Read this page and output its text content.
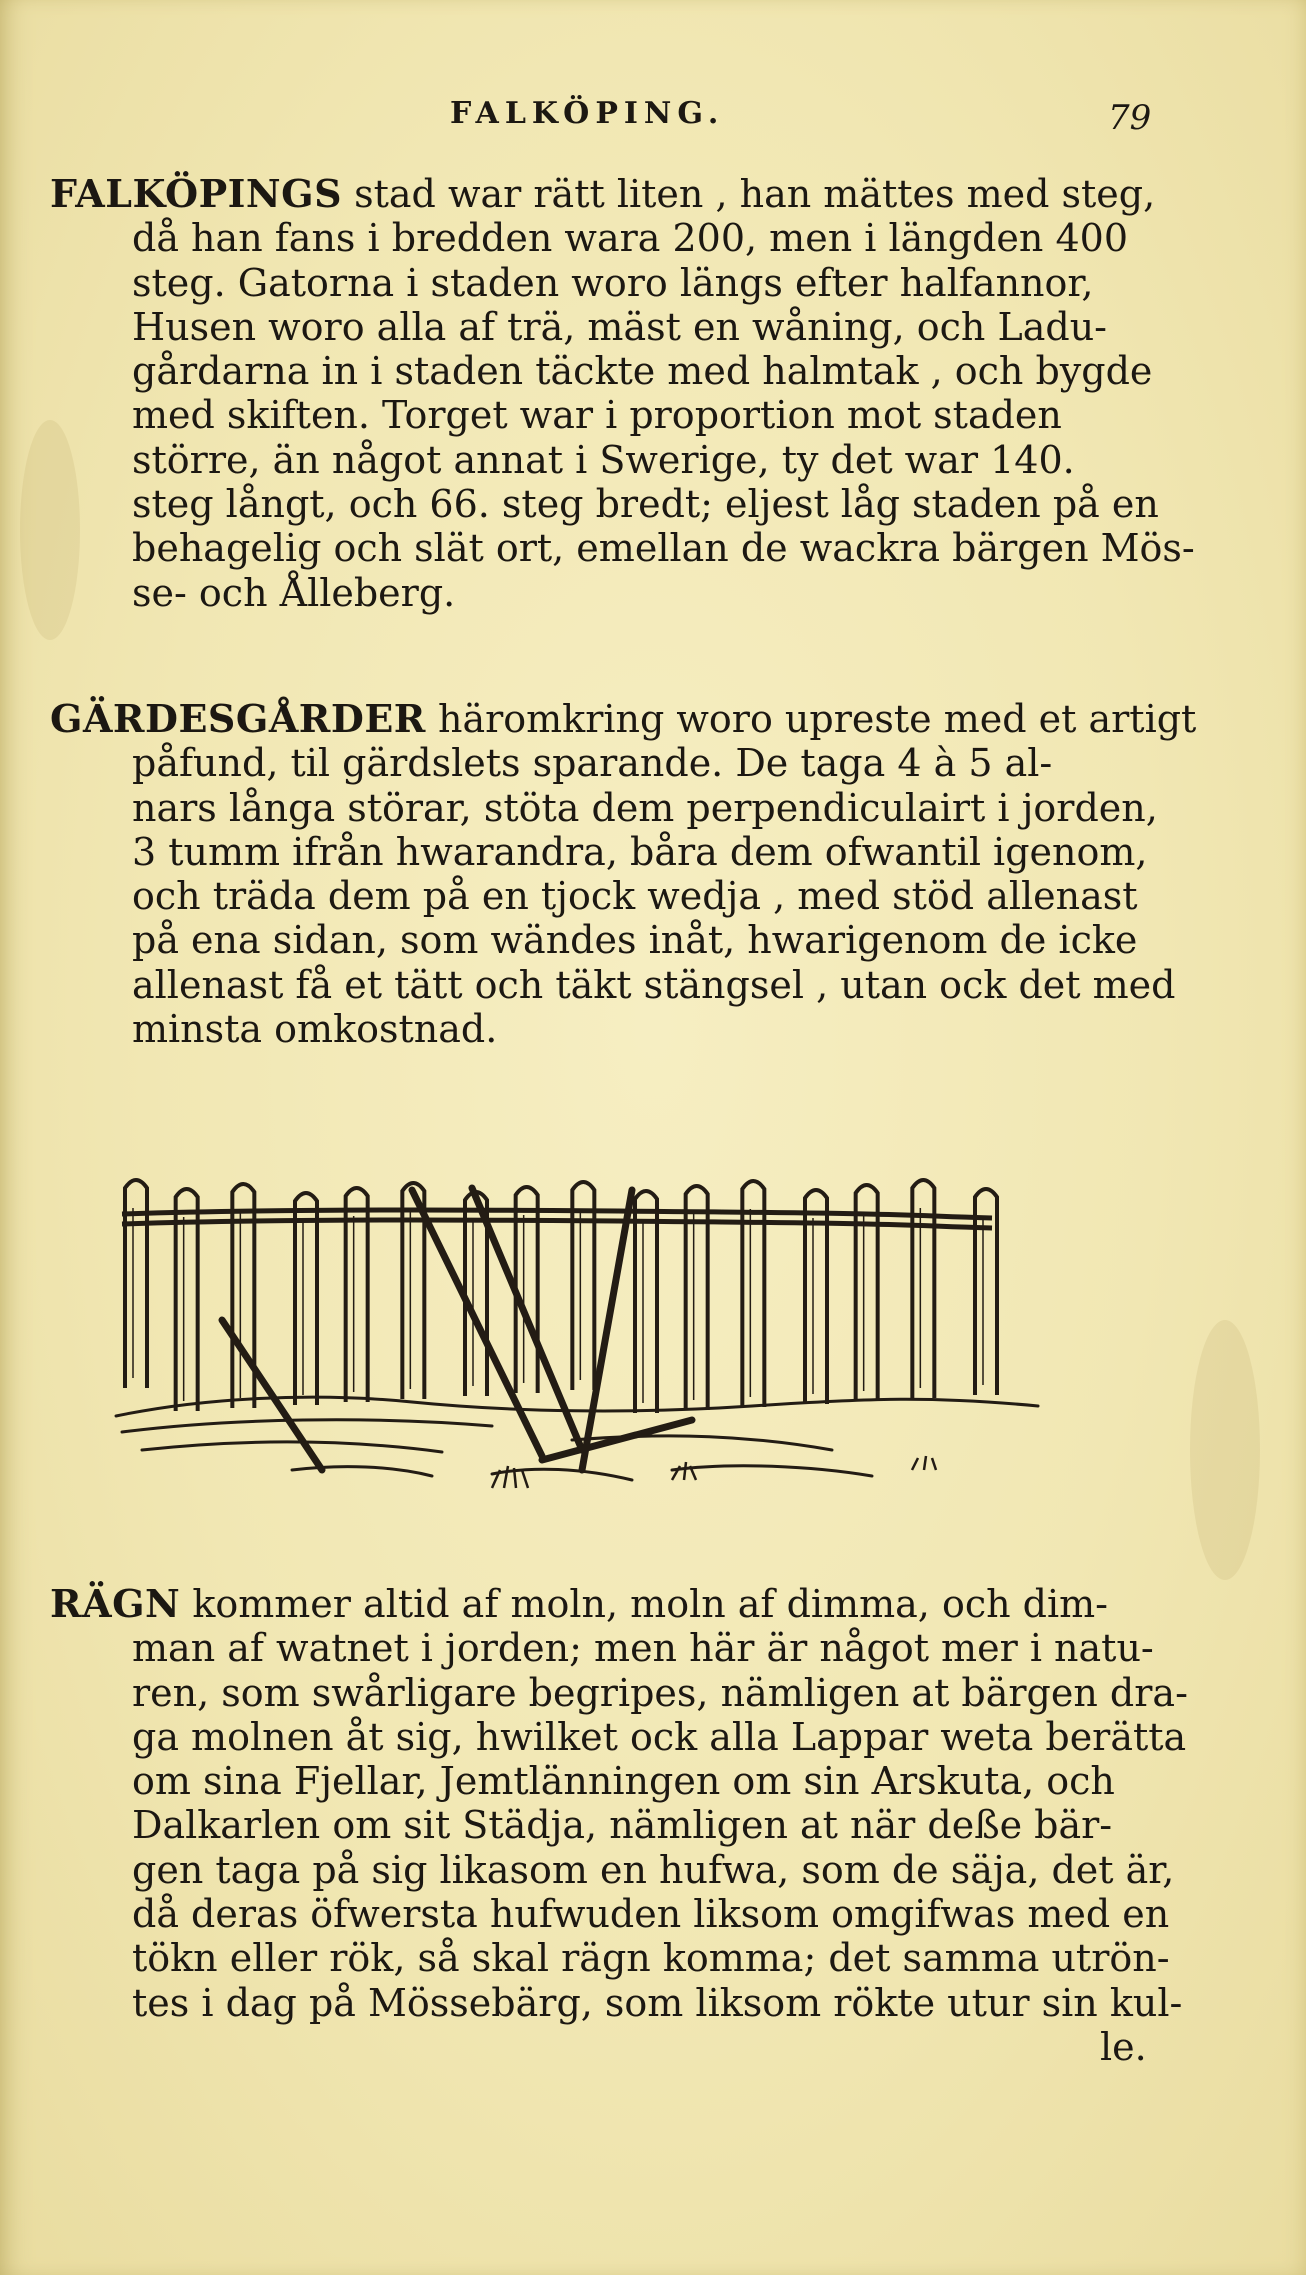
FALKÖPING.	79
FALKÖPINGS stad war rätt liten , han mättes med steg,
då han fans i bredden wara 200, men i längden 400
steg. Gatorna i staden woro längs efter halfannor,
Husen woro alla af trä, mäst en wåning, och Ladu-
gårdarna in i staden täckte med halmtak , och bygde
med skiften. Torget war i proportion mot staden
större, än något annat i Swerige, ty det war 140.
steg långt, och 66. steg bredt; eljest låg staden på en
behagelig och slät ort, emellan de wackra bärgen Mös-
se- och Ålleberg.
GÄRDESGÅRDER häromkring woro upreste med et artigt
påfund, til gärdslets sparande. De taga 4 à 5 al-
nars långa störar, stöta dem perpendiculairt i jorden,
3 tumm ifrån hwarandra, båra dem ofwantil igenom,
och träda dem på en tjock wedja , med stöd allenast
på ena sidan, som wändes inåt, hwarigenom de icke
allenast få et tätt och täkt stängsel , utan ock det med
minsta omkostnad.
RÄGN kommer altid af moln, moln af dimma, och dim-
man af watnet i jorden; men här är något mer i natu-
ren, som swårligare begripes, nämligen at bärgen dra-
ga molnen åt sig, hwilket ock alla Lappar weta berätta
om sina Fjellar, Jemtlänningen om sin Arskuta, och
Dalkarlen om sit Städja, nämligen at när deße bär-
gen taga på sig likasom en hufwa, som de säja, det är,
då deras öfwersta hufwuden liksom omgifwas med en
tökn eller rök, så skal rägn komma; det samma utrön-
tes i dag på Mössebärg, som liksom rökte utur sin kul-
le.
